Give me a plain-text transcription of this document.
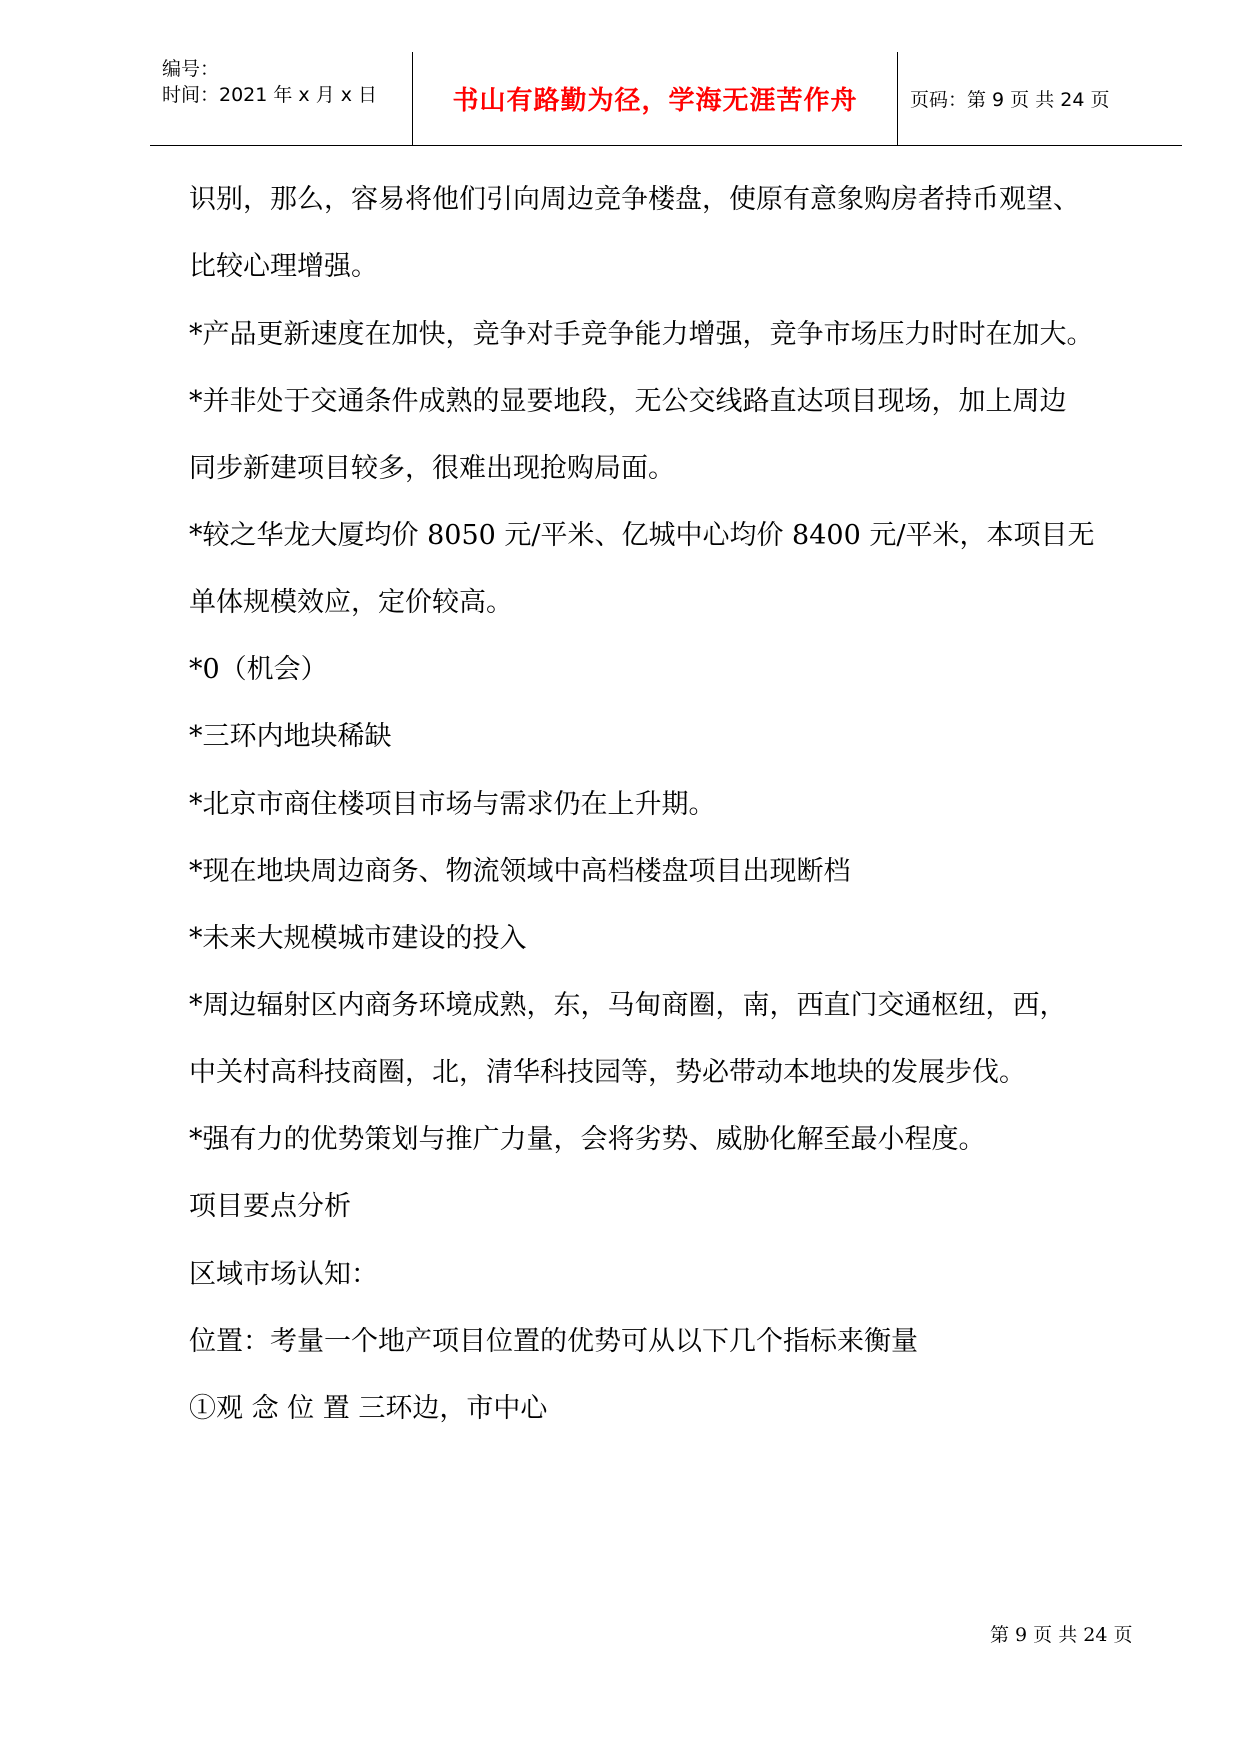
编号：
时间：2021 年 x 月 x 日	书山有路勤为径，学海无涯苦作舟	页码：第 9 页 共 24 页
识别，那么，容易将他们引向周边竞争楼盘，使原有意象购房者持币观望、
比较心理增强。
*产品更新速度在加快，竞争对手竞争能力增强，竞争市场压力时时在加大。
*并非处于交通条件成熟的显要地段，无公交线路直达项目现场，加上周边
同步新建项目较多，很难出现抢购局面。
*较之华龙大厦均价 8050 元/平米、亿城中心均价 8400 元/平米，本项目无
单体规模效应，定价较高。
*0（机会）
*三环内地块稀缺
*北京市商住楼项目市场与需求仍在上升期。
*现在地块周边商务、物流领域中高档楼盘项目出现断档
*未来大规模城市建设的投入
*周边辐射区内商务环境成熟，东，马甸商圈，南，西直门交通枢纽，西，
中关村高科技商圈，北，清华科技园等，势必带动本地块的发展步伐。
*强有力的优势策划与推广力量，会将劣势、威胁化解至最小程度。
项目要点分析
区域市场认知：
位置：考量一个地产项目位置的优势可从以下几个指标来衡量
①观 念 位 置 三环边，市中心
第 9 页 共 24 页
